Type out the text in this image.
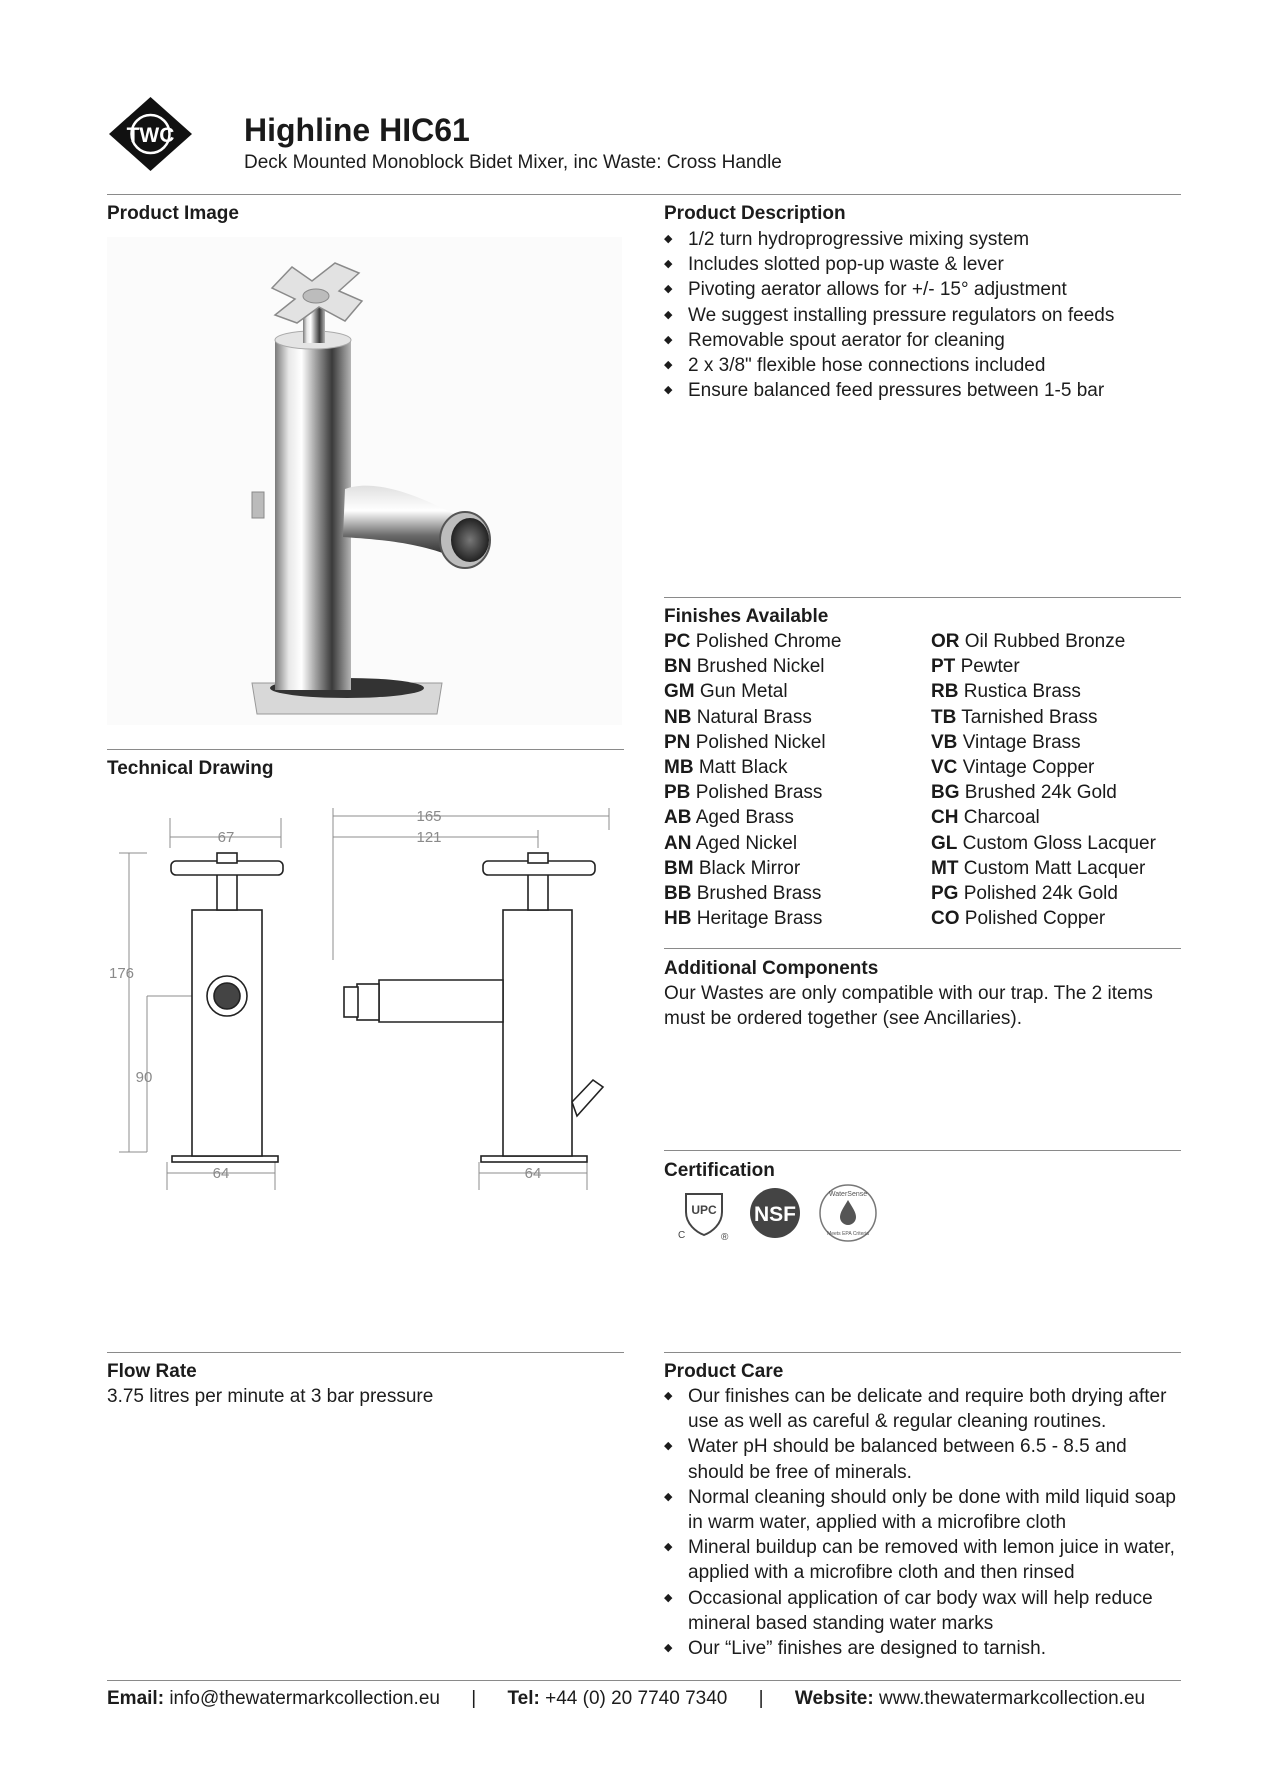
TWC Highline HIC61
Deck Mounted Monoblock Bidet Mixer, inc Waste: Cross Handle
Product Image
Technical Drawing
67
176
90
64
165
121
64
Product Description
◆ 1/2 turn hydroprogressive mixing system
◆ Includes slotted pop-up waste & lever
◆ Pivoting aerator allows for +/- 15° adjustment
◆ We suggest installing pressure regulators on feeds
◆ Removable spout aerator for cleaning
◆ 2 x 3/8" flexible hose connections included
◆ Ensure balanced feed pressures between 1-5 bar
Finishes Available
PC Polished Chrome
BN Brushed Nickel
GM Gun Metal
NB Natural Brass
PN Polished Nickel
MB Matt Black
PB Polished Brass
AB Aged Brass
AN Aged Nickel
BM Black Mirror
BB Brushed Brass
HB Heritage Brass
OR Oil Rubbed Bronze
PT Pewter
RB Rustica Brass
TB Tarnished Brass
VB Vintage Brass
VC Vintage Copper
BG Brushed 24k Gold
CH Charcoal
GL Custom Gloss Lacquer
MT Custom Matt Lacquer
PG Polished 24k Gold
CO Polished Copper
Additional Components
Our Wastes are only compatible with our trap. The 2 items must be ordered together (see Ancillaries).
Certification
UPC
C	®
NSF
WaterSense
Meets EPA Criteria
Flow Rate
3.75 litres per minute at 3 bar pressure
Product Care
◆ Our finishes can be delicate and require both drying after use as well as careful & regular cleaning routines.
◆ Water pH should be balanced between 6.5 - 8.5 and should be free of minerals.
◆ Normal cleaning should only be done with mild liquid soap in warm water, applied with a microfibre cloth
◆ Mineral buildup can be removed with lemon juice in water, applied with a microfibre cloth and then rinsed
◆ Occasional application of car body wax will help reduce mineral based standing water marks
◆ Our “Live” finishes are designed to tarnish.
Email: info@thewatermarkcollection.eu | Tel: +44 (0) 20 7740 7340 | Website: www.thewatermarkcollection.eu
